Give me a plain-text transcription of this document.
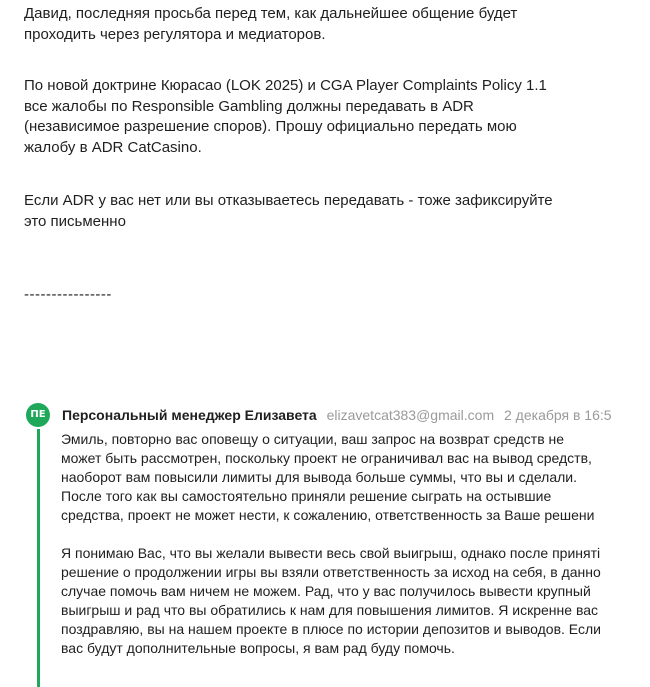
Давид, последняя просьба перед тем, как дальнейшее общение будет
проходить через регулятора и медиаторов.

По новой доктрине Кюрасао (LOK 2025) и CGA Player Complaints Policy 1.1
все жалобы по Responsible Gambling должны передавать в ADR
(независимое разрешение споров). Прошу официально передать мою
жалобу в ADR CatCasino.

Если ADR у вас нет или вы отказываетесь передавать - тоже зафиксируйте
это письменно

----------------
ПЕ	Персональный менеджер Елизавета elizavetcat383@gmail.com 2 декабря в 16:5
Эмиль, повторно вас оповещу о ситуации, ваш запрос на возврат средств не
может быть рассмотрен, поскольку проект не ограничивал вас на вывод средств,
наоборот вам повысили лимиты для вывода больше суммы, что вы и сделали.
После того как вы самостоятельно приняли решение сыграть на остывшие
средства, проект не может нести, к сожалению, ответственность за Ваше решени
Я понимаю Вас, что вы желали вывести весь свой выигрыш, однако после приняті
решение о продолжении игры вы взяли ответственность за исход на себя, в данно
случае помочь вам ничем не можем. Рад, что у вас получилось вывести крупный
выигрыш и рад что вы обратились к нам для повышения лимитов. Я искренне вас
поздравляю, вы на нашем проекте в плюсе по истории депозитов и выводов. Если
вас будут дополнительные вопросы, я вам рад буду помочь.
